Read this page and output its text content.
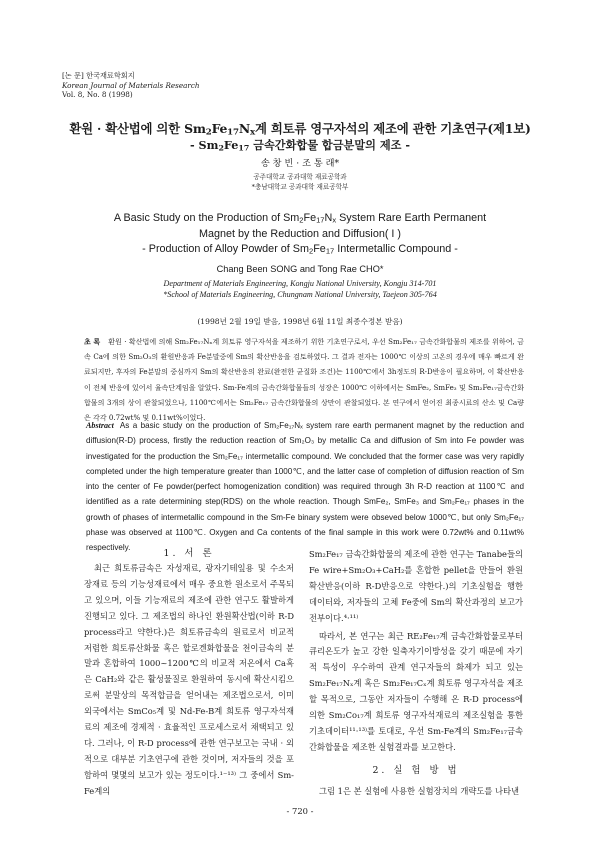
[논 문] 한국재료학회지
Korean Journal of Materials Research
Vol. 8, No. 8 (1998)
환원 · 확산법에 의한 $Sm_2Fe_{17}N_x$계 희토류 영구자석의 제조에 관한 기초연구(제1보)
- $Sm_2Fe_{17}$ 금속간화합물 합금분말의 제조 -
송 창 빈 · 조 통 래*
공주대학교 공과대학 재료공학과
*충남대학교 공과대학 재료공학부
A Basic Study on the Production of $Sm_2Fe_{17}N_x$ System Rare Earth Permanent
Magnet by the Reduction and Diffusion( I )
- Production of Alloy Powder of $Sm_2Fe_{17}$ Intermetallic Compound -
Chang Been SONG and Tong Rae CHO*
Department of Materials Engineering, Kongju National University, Kongju 314-701
*School of Materials Engineering, Chungnam National University, Taejeon 305-764
(1998년 2월 19일 받음, 1998년 6월 11일 최종수정본 받음)
초 록 환원 · 확산법에 의해 Sm₂Fe₁₇Nₓ계 희토류 영구자석을 제조하기 위한 기초연구로서, 우선 Sm₂Fe₁₇ 금속간화합물의 제조를 위하여, 금속 Ca에 의한 Sm₂O₃의 환원반응과 Fe분말중에 Sm의 확산반응을 검토하였다. 그 결과 전자는 1000℃ 이상의 고온의 경우에 매우 빠르게 완료되지만, 후자의 Fe분말의 중심까지 Sm의 확산반응의 완료(완전한 균질화 조건)는 1100℃에서 3h정도의 R-D반응이 필요하며, 이 확산반응이 전체 반응에 있어서 율속단계임을 알았다. Sm-Fe계의 금속간화합물들의 성장은 1000℃ 이하에서는 SmFe₂, SmFe₃ 및 Sm₂Fe₁₇금속간화합물의 3개의 상이 관찰되었으나, 1100℃에서는 Sm₂Fe₁₇ 금속간화합물의 상만이 관찰되었다. 본 연구에서 얻어진 최종시료의 산소 및 Ca량은 각각 0.72wt% 및 0.11wt%이었다.
Abstract As a basic study on the production of Sm₂Fe₁₇Nₓ system rare earth permanent magnet by the reduction and diffusion(R-D) process, firstly the reduction reaction of Sm₂O₃ by metallic Ca and diffusion of Sm into Fe powder was investigated for the production the Sm₂Fe₁₇ intermetallic compound. We concluded that the former case was very rapidly completed under the high temperature greater than 1000℃, and the latter case of completion of diffusion reaction of Sm into the center of Fe powder(perfect homogenization condition) was required through 3h R-D reaction at 1100℃ and identified as a rate determining step(RDS) on the whole reaction. Though SmFe₂, SmFe₃ and Sm₂Fe₁₇ phases in the growth of phases of intermetallic compound in the Sm-Fe binary system were obseved below 1000℃, but only Sm₂Fe₁₇ phase was observed at 1100℃. Oxygen and Ca contents of the final sample in this work were 0.72wt% and 0.11wt% respectively.
1. 서 론

최근 희토류금속은 자성재료, 광자기테잎용 및 수소저장재료 등의 기능성재료에서 매우 중요한 원소로서 주목되고 있으며, 이들 기능재료의 제조에 관한 연구도 활발하게 진행되고 있다. 그 제조법의 하나인 환원확산법(이하 R-D process라고 약한다.)은 희토류금속의 원료로서 비교적 저렴한 희토류산화물 혹은 할로겐화합물을 천이금속의 분말과 혼합하여 1000~1200℃의 비교적 저온에서 Ca혹은 CaH₂와 같은 활성물질로 환원하여 동시에 확산시킴으로써 분말상의 목적합금을 얻어내는 제조법으로서, 이미 외국에서는 SmCo₅계 및 Nd-Fe-B계 희토류 영구자석재료의 제조에 경제적 · 효율적인 프로세스로서 채택되고 있다. 그러나, 이 R-D process에 관한 연구보고는 국내 · 외적으로 대부분 기초연구에 관한 것이며, 저자들의 것을 포함하여 몇몇의 보고가 있는 정도이다.¹⁻¹³⁾ 그 중에서 Sm-Fe계의

Sm₂Fe₁₇ 금속간화합물의 제조에 관한 연구는 Tanabe들의 Fe wire+Sm₂O₃+CaH₂를 혼합한 pellet을 만들어 환원확산반응(이하 R-D반응으로 약한다.)의 기초실험을 행한 데이터와, 저자들의 고체 Fe중에 Sm의 확산과정의 보고가 전부이다.⁴·¹¹⁾

따라서, 본 연구는 최근 RE₂Fe₁₇계 금속간화합물로부터 큐리온도가 높고 강한 일축자기이방성을 갖기 때문에 자기적 특성이 우수하여 관계 연구자들의 화제가 되고 있는 Sm₂Fe₁₇Nₓ계 혹은 Sm₂Fe₁₇Cₓ계 희토류 영구자석을 제조할 목적으로, 그동안 저자들이 수행해 온 R-D process에 의한 Sm₂Co₁₇계 희토류 영구자석재료의 제조실험을 통한 기초데이터¹¹·¹³⁾를 토대로, 우선 Sm-Fe계의 Sm₂Fe₁₇금속간화합물을 제조한 실험결과를 보고한다.

2. 실 험 방 법

그림 1은 본 실험에 사용한 실험장치의 개략도를 나타낸

- 720 -
